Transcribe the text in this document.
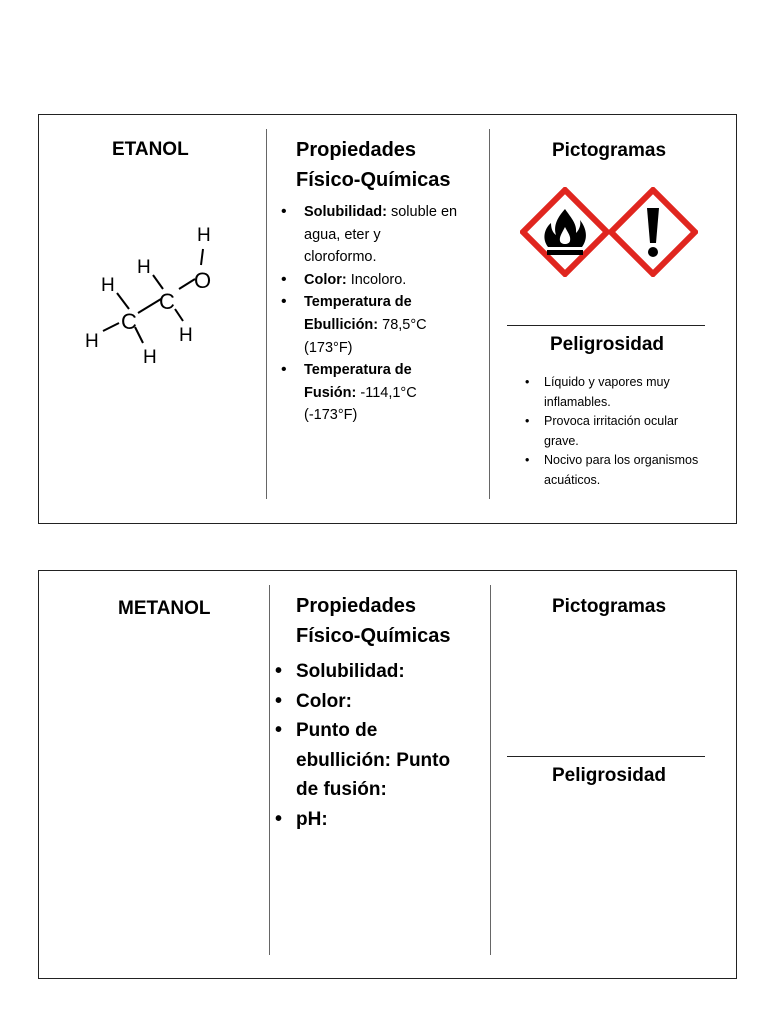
ETANOL
H
O
H
C
H
C
H
H
H
Propiedades
Físico-Químicas
• Solubilidad: soluble en
agua, eter y
cloroformo.
• Color: Incoloro.
• Temperatura de
Ebullición: 78,5°C
(173°F)
• Temperatura de
Fusión: -114,1°C
(-173°F)
Pictogramas
Peligrosidad
• Líquido y vapores muy
inflamables.
• Provoca irritación ocular
grave.
• Nocivo para los organismos
acuáticos.
METANOL	Propiedades
Físico-Químicas
• Solubilidad:
• Color:
• Punto de
ebullición: Punto
de fusión:
• pH:
Pictogramas
Peligrosidad
